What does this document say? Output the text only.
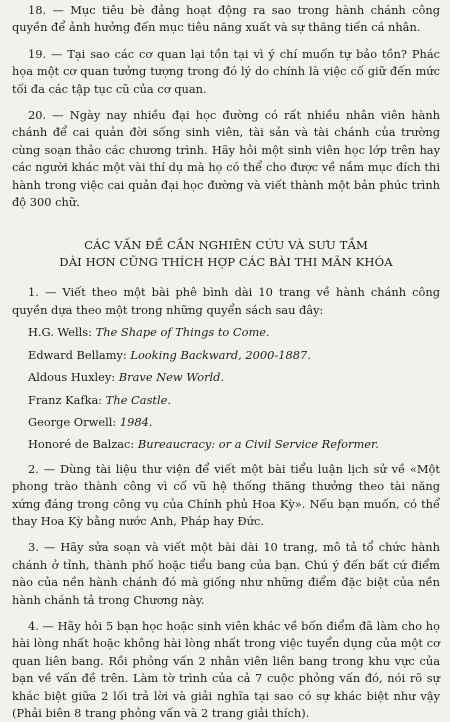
18. — Mục tiêu bè đảng hoạt động ra sao trong hành chánh công quyền để ảnh hưởng đến mục tiêu năng xuất và sự thăng tiến cá nhân.

19. — Tại sao các cơ quan lại tồn tại vì ý chí muốn tự bảo tồn? Phác họa một cơ quan tưởng tượng trong đó lý do chính là việc cố giữ đến mức tối đa các tập tục cũ của cơ quan.

20. — Ngày nay nhiều đại học đường có rất nhiều nhân viên hành chánh để cai quản đời sống sinh viên, tài sản và tài chánh của trường cùng soạn thảo các chương trình. Hãy hỏi một sinh viên học lớp trên hay các người khác một vài thí dụ mà họ có thể cho được về nắm mục đích thi hành trong việc cai quản đại học đường và viết thành một bản phúc trình độ 300 chữ.

CÁC VẤN ĐỀ CẦN NGHIÊN CỨU VÀ SƯU TẦM
DÀI HƠN CŨNG THÍCH HỢP CÁC BÀI THI MÃN KHÓA

1. — Viết theo một bài phê bình dài 10 trang về hành chánh công quyền dựa theo một trong những quyển sách sau đây:

H.G. Wells: The Shape of Things to Come.

Edward Bellamy: Looking Backward, 2000-1887.

Aldous Huxley: Brave New World.

Franz Kafka: The Castle.

George Orwell: 1984.

Honoré de Balzac: Bureaucracy: or a Civil Service Reformer.

2. — Dùng tài liệu thư viện để viết một bài tiểu luận lịch sử về «Một phong trào thành công vì cố vũ hệ thống thăng thưởng theo tài năng xứng đáng trong công vụ của Chính phủ Hoa Kỳ». Nếu bạn muốn, có thể thay Hoa Kỳ bằng nước Anh, Pháp hay Đức.

3. — Hãy sửa soạn và viết một bài dài 10 trang, mô tả tổ chức hành chánh ở tỉnh, thành phố hoặc tiểu bang của bạn. Chú ý đến bất cứ điểm nào của nền hành chánh đó mà giống như những điểm đặc biệt của nền hành chánh tả trong Chương này.

4. — Hãy hỏi 5 bạn học hoặc sinh viên khác về bốn điểm đã làm cho họ hài lòng nhất hoặc không hài lòng nhất trong việc tuyển dụng của một cơ quan liên bang. Rồi phỏng vấn 2 nhân viên liên bang trong khu vực của bạn về vấn đề trên. Làm tờ trình của cả 7 cuộc phỏng vấn đó, nói rõ sự khác biệt giữa 2 lối trả lời và giải nghĩa tại sao có sự khác biệt như vậy (Phải biên 8 trang phỏng vấn và 2 trang giải thích).
